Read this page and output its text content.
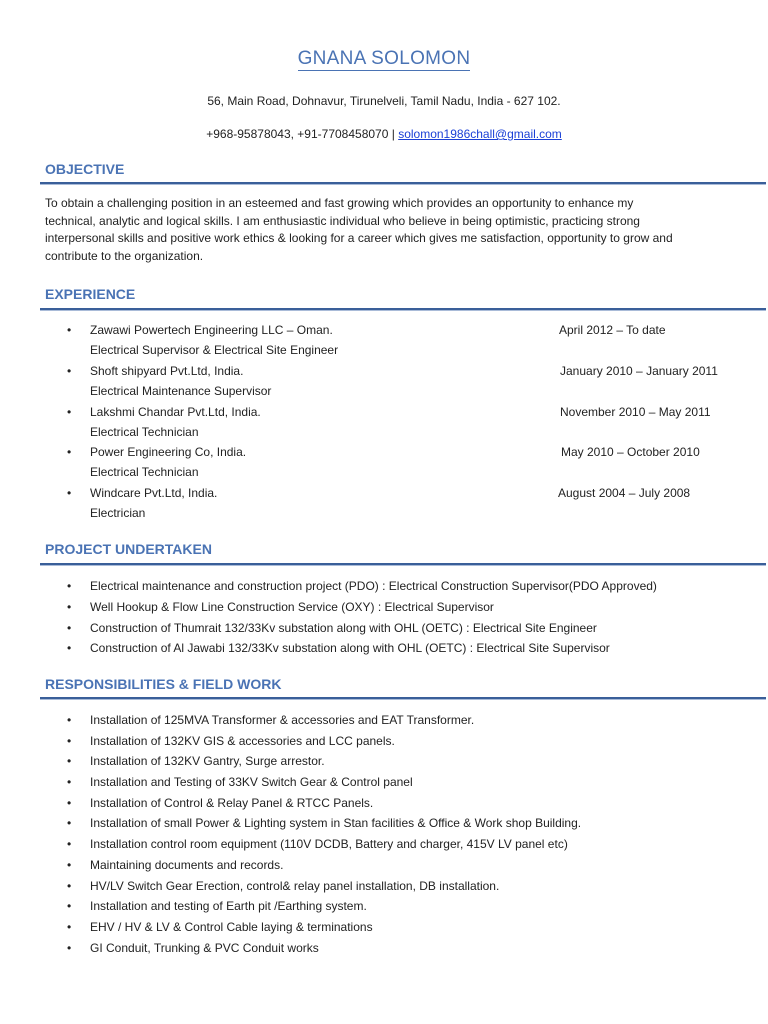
GNANA SOLOMON
56, Main Road, Dohnavur, Tirunelveli, Tamil Nadu, India - 627 102.
+968-95878043, +91-7708458070 | solomon1986chall@gmail.com
OBJECTIVE
To obtain a challenging position in an esteemed and fast growing which provides an opportunity to enhance my
technical, analytic and logical skills. I am enthusiastic individual who believe in being optimistic, practicing strong
interpersonal skills and positive work ethics & looking for a career which gives me satisfaction, opportunity to grow and
contribute to the organization.
EXPERIENCE
• Zawawi Powertech Engineering LLC – Oman.	April 2012 – To date
Electrical Supervisor & Electrical Site Engineer
• Shoft shipyard Pvt.Ltd, India.	January 2010 – January 2011
Electrical Maintenance Supervisor
• Lakshmi Chandar Pvt.Ltd, India.	November 2010 – May 2011
Electrical Technician
• Power Engineering Co, India.	May 2010 – October 2010
Electrical Technician
• Windcare Pvt.Ltd, India.	August 2004 – July 2008
Electrician
PROJECT UNDERTAKEN
• Electrical maintenance and construction project (PDO) : Electrical Construction Supervisor(PDO Approved)
• Well Hookup & Flow Line Construction Service (OXY) : Electrical Supervisor
• Construction of Thumrait 132/33Kv substation along with OHL (OETC) : Electrical Site Engineer
• Construction of Al Jawabi 132/33Kv substation along with OHL (OETC) : Electrical Site Supervisor
RESPONSIBILITIES & FIELD WORK
• Installation of 125MVA Transformer & accessories and EAT Transformer.
• Installation of 132KV GIS & accessories and LCC panels.
• Installation of 132KV Gantry, Surge arrestor.
• Installation and Testing of 33KV Switch Gear & Control panel
• Installation of Control & Relay Panel & RTCC Panels.
• Installation of small Power & Lighting system in Stan facilities & Office & Work shop Building.
• Installation control room equipment (110V DCDB, Battery and charger, 415V LV panel etc)
• Maintaining documents and records.
• HV/LV Switch Gear Erection, control& relay panel installation, DB installation.
• Installation and testing of Earth pit /Earthing system.
• EHV / HV & LV & Control Cable laying & terminations
• GI Conduit, Trunking & PVC Conduit works
